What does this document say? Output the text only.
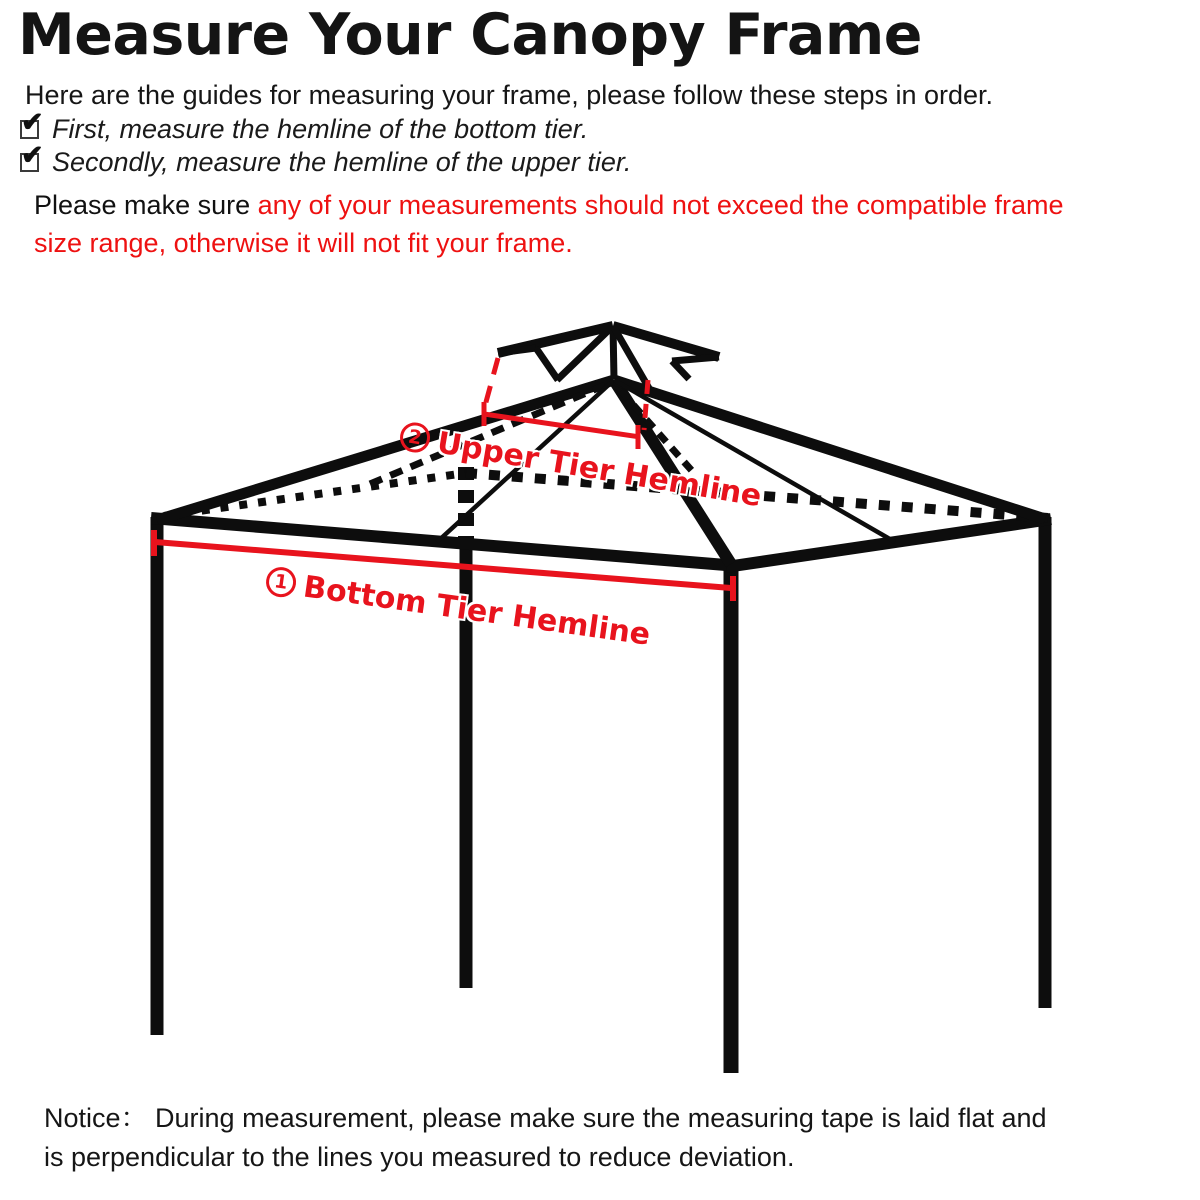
Measure Your Canopy Frame
Here are the guides for measuring your frame, please follow these steps in order.
✔ First, measure the hemline of the bottom tier.
✔ Secondly, measure the hemline of the upper tier.
Please make sure any of your measurements should not exceed the compatible frame
size range, otherwise it will not fit your frame.
2 Upper Tier Hemline
1 Bottom Tier Hemline
Notice： During measurement, please make sure the measuring tape is laid flat and
is perpendicular to the lines you measured to reduce deviation.
